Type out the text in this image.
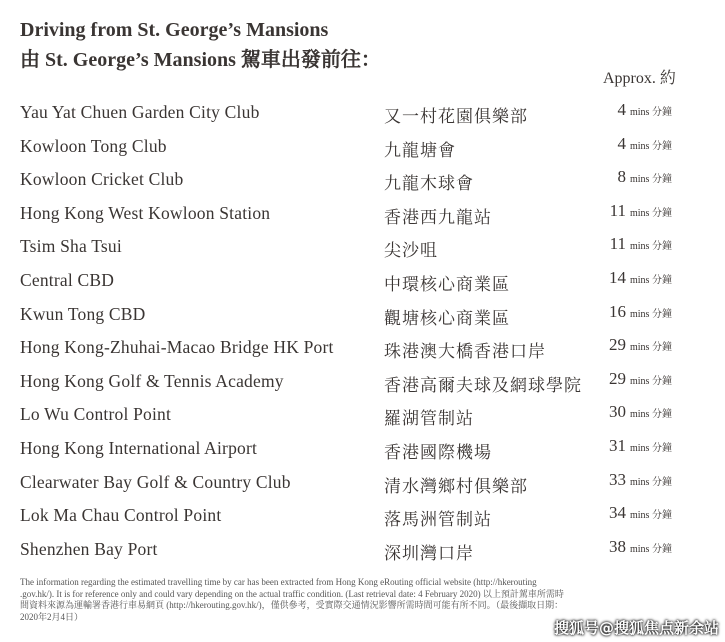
Driving from St. George’s Mansions
由 St. George’s Mansions 駕車出發前往：
Approx. 約
Yau Yat Chuen Garden City Club	又一村花園俱樂部	4 mins 分鐘
Kowloon Tong Club	九龍塘會	4 mins 分鐘
Kowloon Cricket Club	九龍木球會	8 mins 分鐘
Hong Kong West Kowloon Station	香港西九龍站	11 mins 分鐘
Tsim Sha Tsui	尖沙咀	11 mins 分鐘
Central CBD	中環核心商業區	14 mins 分鐘
Kwun Tong CBD	觀塘核心商業區	16 mins 分鐘
Hong Kong-Zhuhai-Macao Bridge HK Port	珠港澳大橋香港口岸	29 mins 分鐘
Hong Kong Golf & Tennis Academy	香港高爾夫球及網球學院	29 mins 分鐘
Lo Wu Control Point	羅湖管制站	30 mins 分鐘
Hong Kong International Airport	香港國際機場	31 mins 分鐘
Clearwater Bay Golf & Country Club	清水灣鄉村俱樂部	33 mins 分鐘
Lok Ma Chau Control Point	落馬洲管制站	34 mins 分鐘
Shenzhen Bay Port	深圳灣口岸	38 mins 分鐘
The information regarding the estimated travelling time by car has been extracted from Hong Kong eRouting official website (http://hkerouting
.gov.hk/). It is for reference only and could vary depending on the actual traffic condition. (Last retrieval date: 4 February 2020) 以上預計駕車所需時
間資料來源為運輸署香港行車易網頁 (http://hkerouting.gov.hk/)，僅供參考，受實際交通情況影響所需時間可能有所不同。（最後擷取日期：
2020年2月4日）
搜狐号@搜狐焦点新余站
